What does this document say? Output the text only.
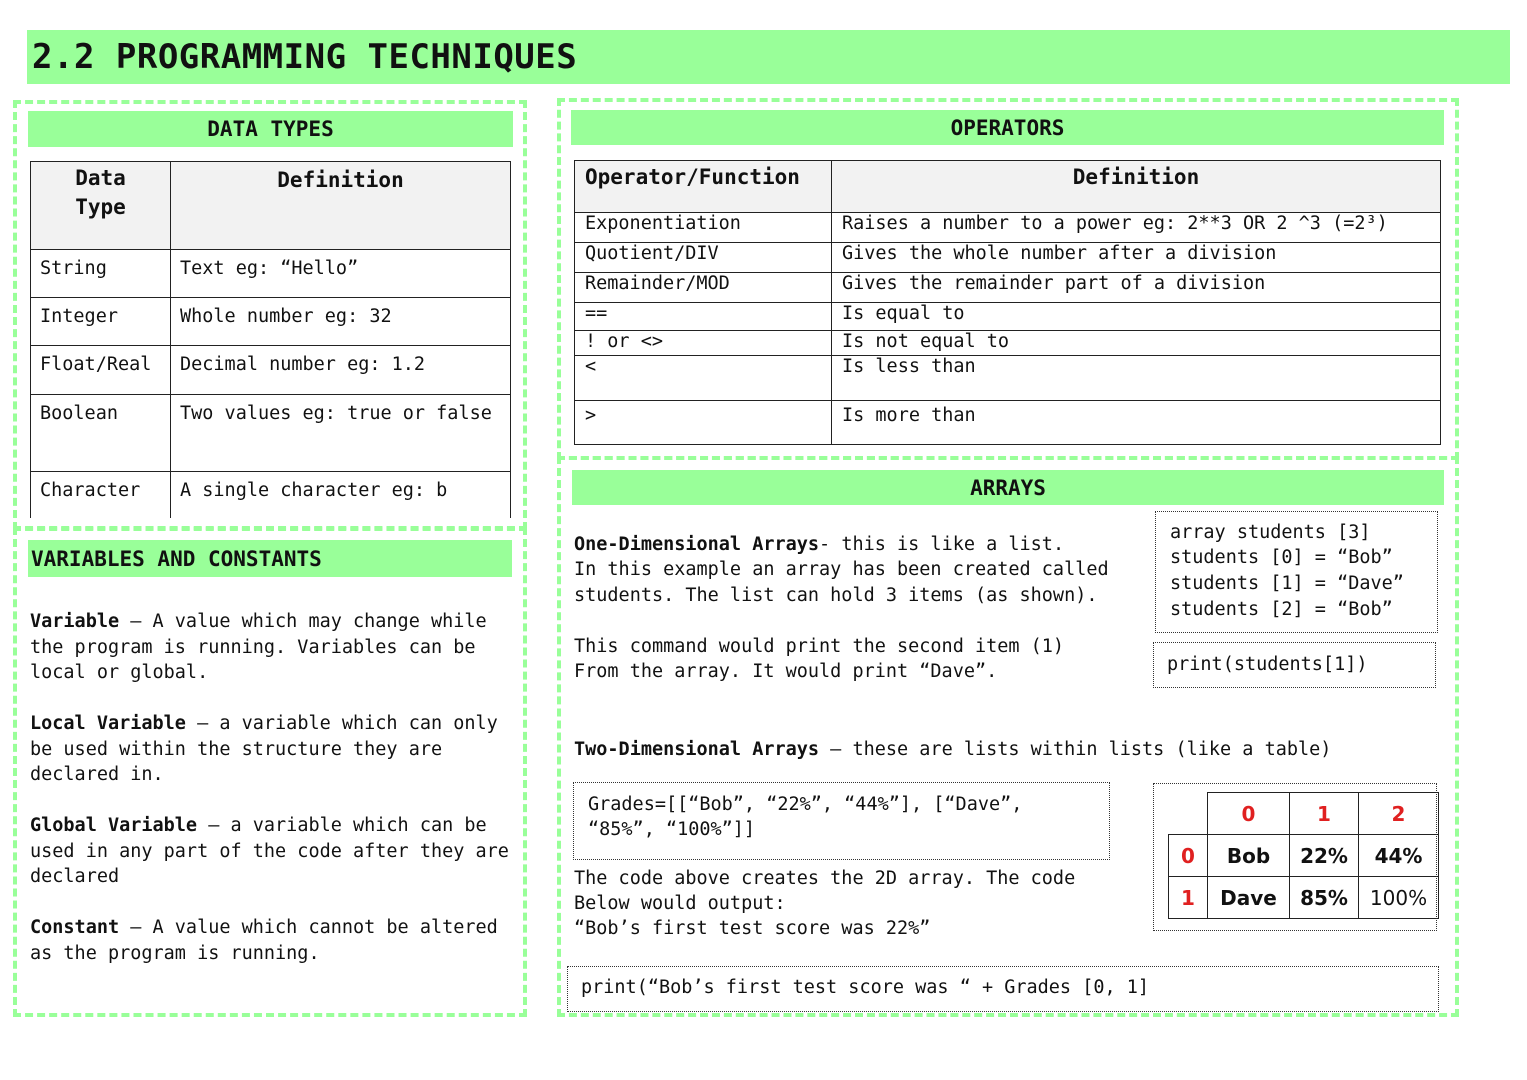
2.2 PROGRAMMING TECHNIQUES
DATA TYPES
Data Type	Definition
String	Text eg: “Hello”
Integer	Whole number eg: 32
Float/Real	Decimal number eg: 1.2
Boolean	Two values eg: true or false
Character	A single character eg: b
VARIABLES AND CONSTANTS
Variable – A value which may change while the program is running. Variables can be local or global.
Local Variable – a variable which can only be used within the structure they are declared in.
Global Variable – a variable which can be used in any part of the code after they are declared
Constant – A value which cannot be altered as the program is running.
OPERATORS
Operator/Function	Definition
Exponentiation	Raises a number to a power eg: 2**3 OR 2 ^3 (=2³)
Quotient/DIV	Gives the whole number after a division
Remainder/MOD	Gives the remainder part of a division
==	Is equal to
! or <>	Is not equal to
<	Is less than
>	Is more than
ARRAYS
One-Dimensional Arrays- this is like a list.
In this example an array has been created called
students. The list can hold 3 items (as shown).
array students [3]
students [0] = “Bob”
students [1] = “Dave”
students [2] = “Bob”
This command would print the second item (1)
From the array. It would print “Dave”.	print(students[1])
Two-Dimensional Arrays – these are lists within lists (like a table)
Grades=[[“Bob”, “22%”, “44%”], [“Dave”,
“85%”, “100%”]]
The code above creates the 2D array. The code
Below would output:
“Bob’s first test score was 22%”
	0	1	2
0	Bob	22%	44%
1	Dave	85%	100%
print(“Bob’s first test score was “ + Grades [0, 1]
